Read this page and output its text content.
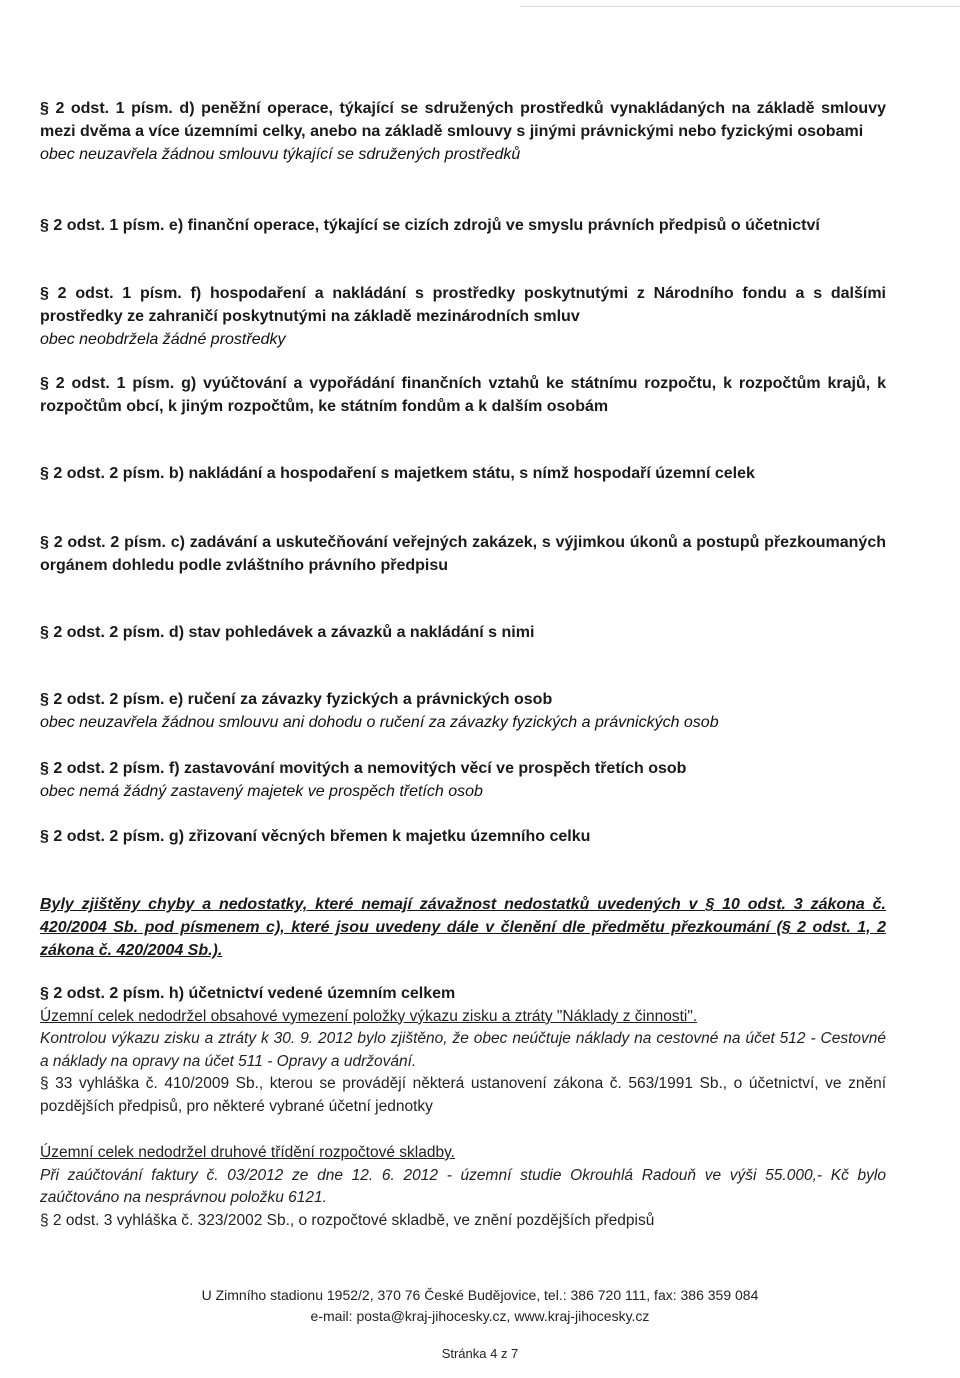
§ 2 odst. 1 písm. d) peněžní operace, týkající se sdružených prostředků vynakládaných na základě smlouvy mezi dvěma a více územními celky, anebo na základě smlouvy s jinými právnickými nebo fyzickými osobami
obec neuzavřela žádnou smlouvu týkající se sdružených prostředků
§ 2 odst. 1 písm. e) finanční operace, týkající se cizích zdrojů ve smyslu právních předpisů o účetnictví
§ 2 odst. 1 písm. f) hospodaření a nakládání s prostředky poskytnutými z Národního fondu a s dalšími prostředky ze zahraničí poskytnutými na základě mezinárodních smluv
obec neobdržela žádné prostředky
§ 2 odst. 1 písm. g) vyúčtování a vypořádání finančních vztahů ke státnímu rozpočtu, k rozpočtům krajů, k rozpočtům obcí, k jiným rozpočtům, ke státním fondům a k dalším osobám
§ 2 odst. 2 písm. b) nakládání a hospodaření s majetkem státu, s nímž hospodaří územní celek
§ 2 odst. 2 písm. c) zadávání a uskutečňování veřejných zakázek, s výjimkou úkonů a postupů přezkoumaných orgánem dohledu podle zvláštního právního předpisu
§ 2 odst. 2 písm. d) stav pohledávek a závazků a nakládání s nimi
§ 2 odst. 2 písm. e) ručení za závazky fyzických a právnických osob
obec neuzavřela žádnou smlouvu ani dohodu o ručení za závazky fyzických a právnických osob
§ 2 odst. 2 písm. f) zastavování movitých a nemovitých věcí ve prospěch třetích osob
obec nemá žádný zastavený majetek ve prospěch třetích osob
§ 2 odst. 2 písm. g) zřizovaní věcných břemen k majetku územního celku
Byly zjištěny chyby a nedostatky, které nemají závažnost nedostatků uvedených v § 10 odst. 3 zákona č. 420/2004 Sb. pod písmenem c), které jsou uvedeny dále v členění dle předmětu přezkoumání (§ 2 odst. 1, 2 zákona č. 420/2004 Sb.).
§ 2 odst. 2 písm. h) účetnictví vedené územním celkem
Územní celek nedodržel obsahové vymezení položky výkazu zisku a ztráty "Náklady z činnosti".
Kontrolou výkazu zisku a ztráty k 30. 9. 2012 bylo zjištěno, že obec neúčtuje náklady na cestovné na účet 512 - Cestovné a náklady na opravy na účet 511 - Opravy a udržování.
§ 33 vyhláška č. 410/2009 Sb., kterou se provádějí některá ustanovení zákona č. 563/1991 Sb., o účetnictví, ve znění pozdějších předpisů, pro některé vybrané účetní jednotky
Územní celek nedodržel druhové třídění rozpočtové skladby.
Při zaúčtování faktury č. 03/2012 ze dne 12. 6. 2012 - územní studie Okrouhlá Radouň ve výši 55.000,- Kč bylo zaúčtováno na nesprávnou položku 6121.
§ 2 odst. 3 vyhláška č. 323/2002 Sb., o rozpočtové skladbě, ve znění pozdějších předpisů
U Zimního stadionu 1952/2, 370 76 České Budějovice, tel.: 386 720 111, fax: 386 359 084
e-mail: posta@kraj-jihocesky.cz, www.kraj-jihocesky.cz
Stránka 4 z 7
